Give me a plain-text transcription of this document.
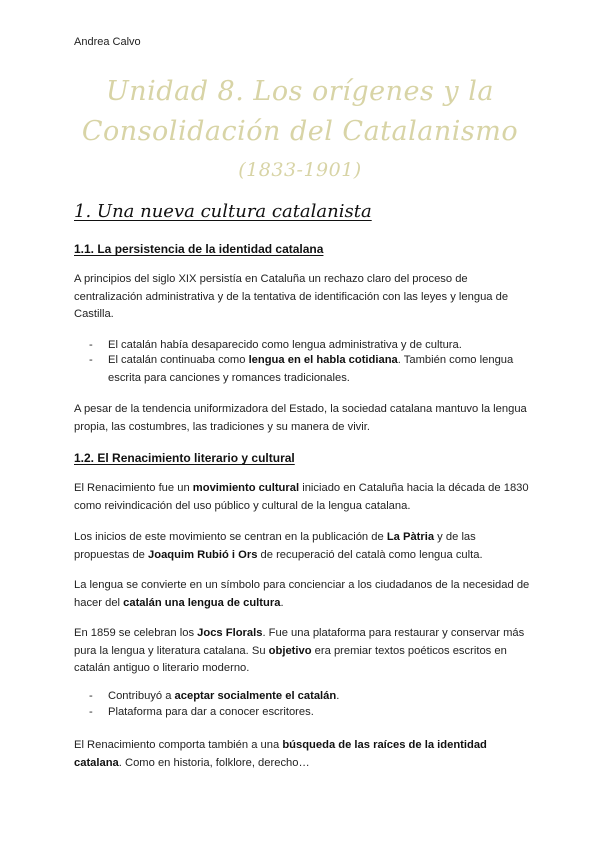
Andrea Calvo
Unidad 8. Los orígenes y la
Consolidación del Catalanismo
(1833-1901)
1. Una nueva cultura catalanista
1.1. La persistencia de la identidad catalana
A principios del siglo XIX persistía en Cataluña un rechazo claro del proceso de centralización administrativa y de la tentativa de identificación con las leyes y lengua de Castilla.
- El catalán había desaparecido como lengua administrativa y de cultura.
- El catalán continuaba como lengua en el habla cotidiana. También como lengua escrita para canciones y romances tradicionales.
A pesar de la tendencia uniformizadora del Estado, la sociedad catalana mantuvo la lengua propia, las costumbres, las tradiciones y su manera de vivir.
1.2. El Renacimiento literario y cultural
El Renacimiento fue un movimiento cultural iniciado en Cataluña hacia la década de 1830 como reivindicación del uso público y cultural de la lengua catalana.
Los inicios de este movimiento se centran en la publicación de La Pàtria y de las propuestas de Joaquim Rubió i Ors de recuperació del català como lengua culta.
La lengua se convierte en un símbolo para concienciar a los ciudadanos de la necesidad de hacer del catalán una lengua de cultura.
En 1859 se celebran los Jocs Florals. Fue una plataforma para restaurar y conservar más pura la lengua y literatura catalana. Su objetivo era premiar textos poéticos escritos en catalán antiguo o literario moderno.
- Contribuyó a aceptar socialmente el catalán.
- Plataforma para dar a conocer escritores.
El Renacimiento comporta también a una búsqueda de las raíces de la identidad catalana. Como en historia, folklore, derecho…
